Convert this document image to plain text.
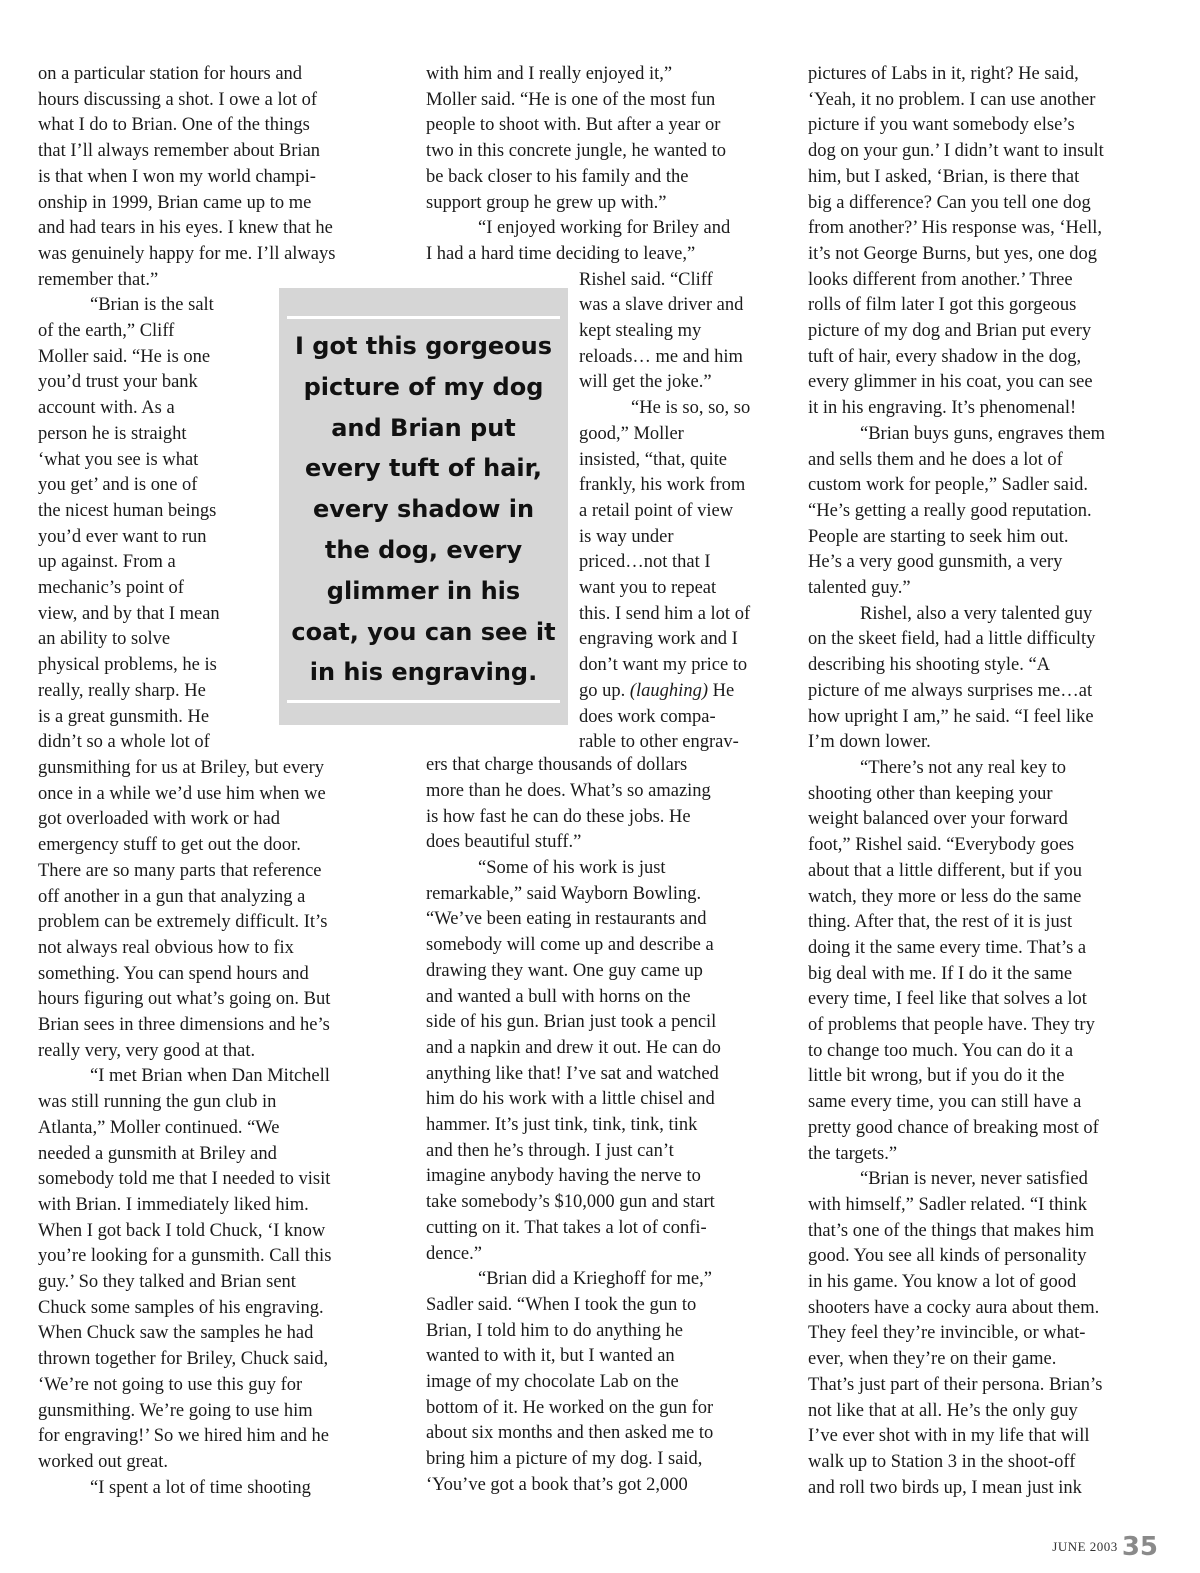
on a particular station for hours and
hours discussing a shot. I owe a lot of
what I do to Brian. One of the things
that I’ll always remember about Brian
is that when I won my world champi-
onship in 1999, Brian came up to me
and had tears in his eyes. I knew that he
was genuinely happy for me. I’ll always
remember that.”

“Brian is the salt
of the earth,” Cliff
Moller said. “He is one
you’d trust your bank
account with. As a
person he is straight
‘what you see is what
you get’ and is one of
the nicest human beings
you’d ever want to run
up against. From a
mechanic’s point of
view, and by that I mean
an ability to solve
physical problems, he is
really, really sharp. He
is a great gunsmith. He
didn’t so a whole lot of
gunsmithing for us at Briley, but every
once in a while we’d use him when we
got overloaded with work or had
emergency stuff to get out the door.
There are so many parts that reference
off another in a gun that analyzing a
problem can be extremely difficult. It’s
not always real obvious how to fix
something. You can spend hours and
hours figuring out what’s going on. But
Brian sees in three dimensions and he’s
really very, very good at that.

“I met Brian when Dan Mitchell
was still running the gun club in
Atlanta,” Moller continued. “We
needed a gunsmith at Briley and
somebody told me that I needed to visit
with Brian. I immediately liked him.
When I got back I told Chuck, ‘I know
you’re looking for a gunsmith. Call this
guy.’ So they talked and Brian sent
Chuck some samples of his engraving.
When Chuck saw the samples he had
thrown together for Briley, Chuck said,
‘We’re not going to use this guy for
gunsmithing. We’re going to use him
for engraving!’ So we hired him and he
worked out great.

“I spent a lot of time shooting

I got this gorgeous
picture of my dog
and Brian put
every tuft of hair,
every shadow in
the dog, every
glimmer in his
coat, you can see it
in his engraving.

with him and I really enjoyed it,”
Moller said. “He is one of the most fun
people to shoot with. But after a year or
two in this concrete jungle, he wanted to
be back closer to his family and the
support group he grew up with.”

“I enjoyed working for Briley and
I had a hard time deciding to leave,”

Rishel said. “Cliff
was a slave driver and
kept stealing my
reloads… me and him
will get the joke.”

“He is so, so, so
good,” Moller
insisted, “that, quite
frankly, his work from
a retail point of view
is way under
priced…not that I
want you to repeat
this. I send him a lot of
engraving work and I
don’t want my price to
go up. (laughing) He
does work compa-
rable to other engrav-

ers that charge thousands of dollars
more than he does. What’s so amazing
is how fast he can do these jobs. He
does beautiful stuff.”

“Some of his work is just
remarkable,” said Wayborn Bowling.
“We’ve been eating in restaurants and
somebody will come up and describe a
drawing they want. One guy came up
and wanted a bull with horns on the
side of his gun. Brian just took a pencil
and a napkin and drew it out. He can do
anything like that! I’ve sat and watched
him do his work with a little chisel and
hammer. It’s just tink, tink, tink, tink
and then he’s through. I just can’t
imagine anybody having the nerve to
take somebody’s $10,000 gun and start
cutting on it. That takes a lot of confi-
dence.”

“Brian did a Krieghoff for me,”
Sadler said. “When I took the gun to
Brian, I told him to do anything he
wanted to with it, but I wanted an
image of my chocolate Lab on the
bottom of it. He worked on the gun for
about six months and then asked me to
bring him a picture of my dog. I said,
‘You’ve got a book that’s got 2,000

pictures of Labs in it, right? He said,
‘Yeah, it no problem. I can use another
picture if you want somebody else’s
dog on your gun.’ I didn’t want to insult
him, but I asked, ‘Brian, is there that
big a difference? Can you tell one dog
from another?’ His response was, ‘Hell,
it’s not George Burns, but yes, one dog
looks different from another.’ Three
rolls of film later I got this gorgeous
picture of my dog and Brian put every
tuft of hair, every shadow in the dog,
every glimmer in his coat, you can see
it in his engraving. It’s phenomenal!

“Brian buys guns, engraves them
and sells them and he does a lot of
custom work for people,” Sadler said.
“He’s getting a really good reputation.
People are starting to seek him out.
He’s a very good gunsmith, a very
talented guy.”

Rishel, also a very talented guy
on the skeet field, had a little difficulty
describing his shooting style. “A
picture of me always surprises me…at
how upright I am,” he said. “I feel like
I’m down lower.

“There’s not any real key to
shooting other than keeping your
weight balanced over your forward
foot,” Rishel said. “Everybody goes
about that a little different, but if you
watch, they more or less do the same
thing. After that, the rest of it is just
doing it the same every time. That’s a
big deal with me. If I do it the same
every time, I feel like that solves a lot
of problems that people have. They try
to change too much. You can do it a
little bit wrong, but if you do it the
same every time, you can still have a
pretty good chance of breaking most of
the targets.”

“Brian is never, never satisfied
with himself,” Sadler related. “I think
that’s one of the things that makes him
good. You see all kinds of personality
in his game. You know a lot of good
shooters have a cocky aura about them.
They feel they’re invincible, or what-
ever, when they’re on their game.
That’s just part of their persona. Brian’s
not like that at all. He’s the only guy
I’ve ever shot with in my life that will
walk up to Station 3 in the shoot-off
and roll two birds up, I mean just ink

JUNE 2003 35
